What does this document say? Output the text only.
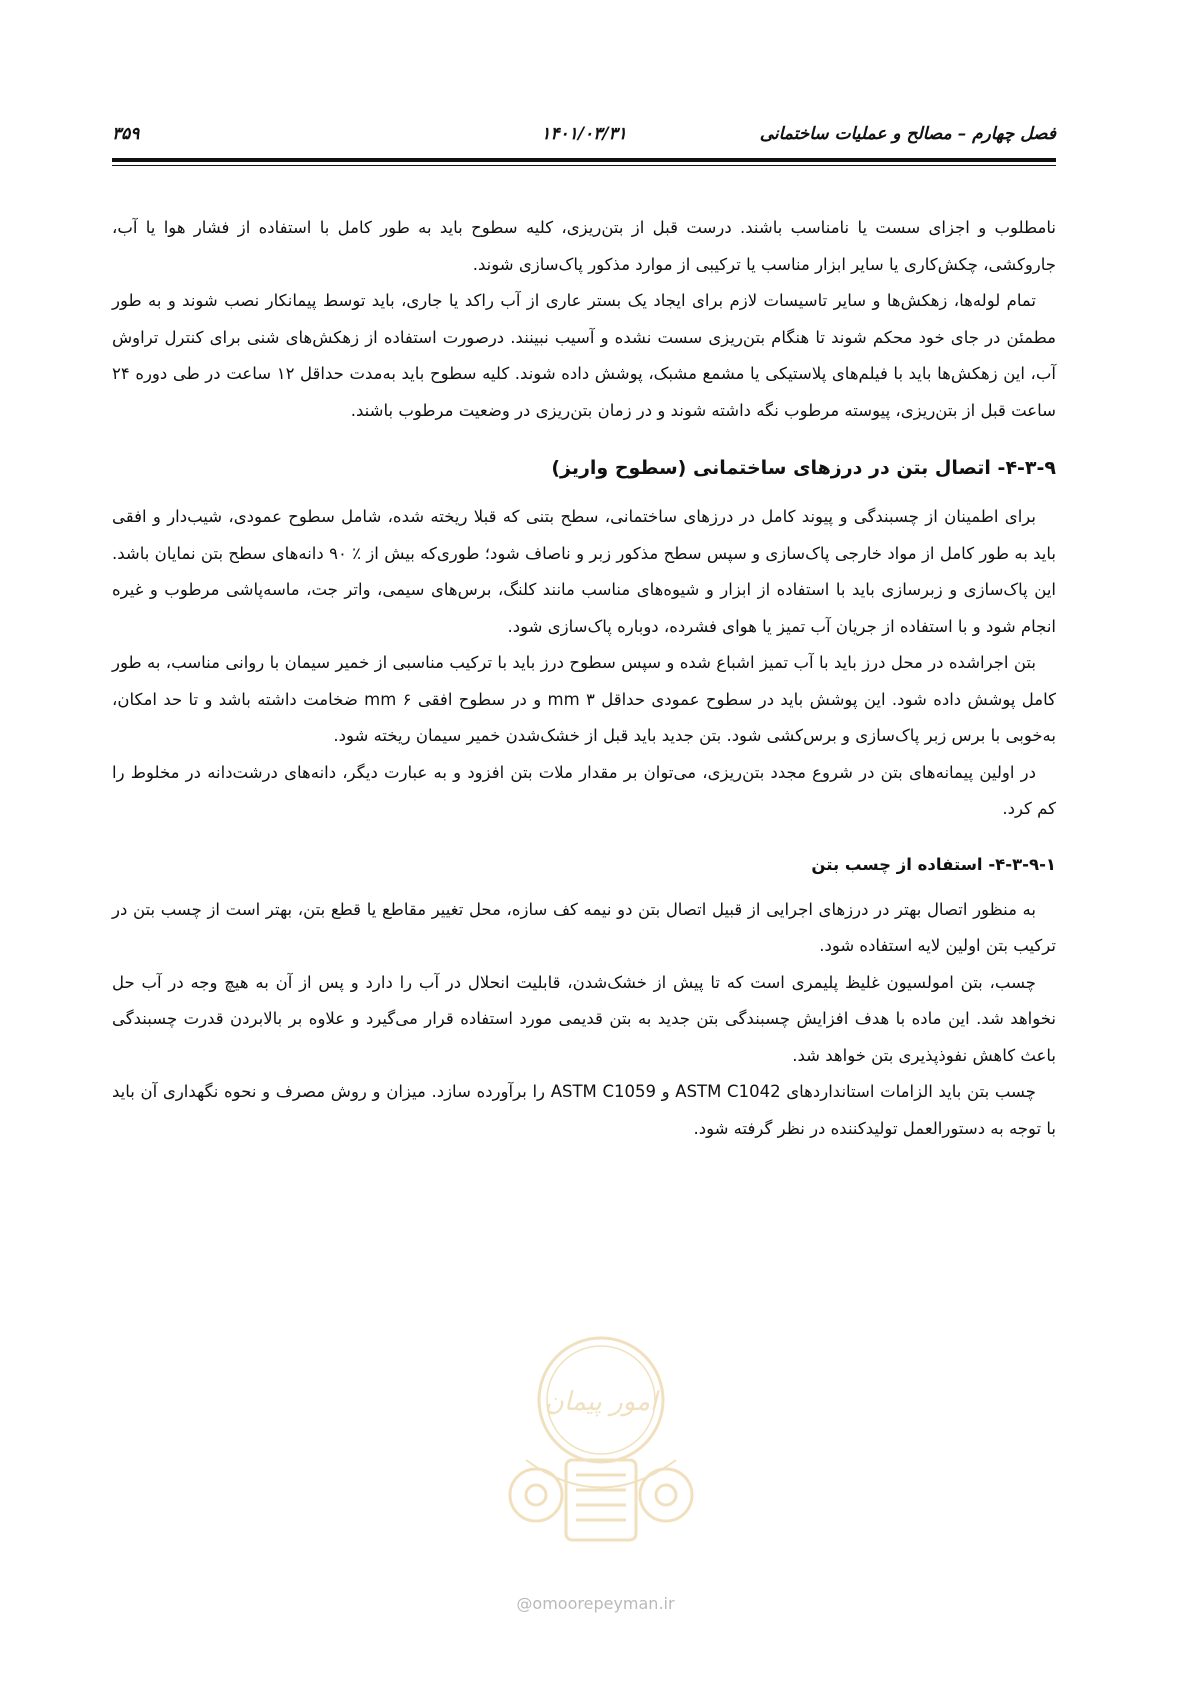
فصل چهارم – مصالح و عملیات ساختمانی
۱۴۰۱/۰۳/۳۱
۳۵۹

نامطلوب و اجزای سست یا نامناسب باشند. درست قبل از بتن‌ریزی، کلیه سطوح باید به طور کامل با استفاده از فشار هوا یا آب، جاروکشی، چکش‌کاری یا سایر ابزار مناسب یا ترکیبی از موارد مذکور پاک‌سازی شوند.

تمام لوله‌ها، زهکش‌ها و سایر تاسیسات لازم برای ایجاد یک بستر عاری از آب راکد یا جاری، باید توسط پیمانکار نصب شوند و به طور مطمئن در جای خود محکم شوند تا هنگام بتن‌ریزی سست نشده و آسیب نبینند. درصورت استفاده از زهکش‌های شنی برای کنترل تراوش آب، این زهکش‌ها باید با فیلم‌های پلاستیکی یا مشمع مشبک، پوشش داده شوند. کلیه سطوح باید به‌مدت حداقل ۱۲ ساعت در طی دوره ۲۴ ساعت قبل از بتن‌ریزی، پیوسته مرطوب نگه داشته شوند و در زمان بتن‌ریزی در وضعیت مرطوب باشند.

۴-۳-۹- اتصال بتن در درزهای ساختمانی (سطوح واریز)

برای اطمینان از چسبندگی و پیوند کامل در درزهای ساختمانی، سطح بتنی که قبلا ریخته شده، شامل سطوح عمودی، شیب‌دار و افقی باید به طور کامل از مواد خارجی پاک‌سازی و سپس سطح مذکور زبر و ناصاف شود؛ طوری‌که بیش از ٪ ۹۰ دانه‌های سطح بتن نمایان باشد. این پاک‌سازی و زبرسازی باید با استفاده از ابزار و شیوه‌های مناسب مانند کلنگ، برس‌های سیمی، واتر جت، ماسه‌پاشی مرطوب و غیره انجام شود و با استفاده از جریان آب تمیز یا هوای فشرده، دوباره پاک‌سازی شود.

بتن اجراشده در محل درز باید با آب تمیز اشباع شده و سپس سطوح درز باید با ترکیب مناسبی از خمیر سیمان با روانی مناسب، به طور کامل پوشش داده شود. این پوشش باید در سطوح عمودی حداقل ۳ mm و در سطوح افقی mm ۶ ضخامت داشته باشد و تا حد امکان، به‌خوبی با برس زبر پاک‌سازی و برس‌کشی شود. بتن جدید باید قبل از خشک‌شدن خمیر سیمان ریخته شود.

در اولین پیمانه‌های بتن در شروع مجدد بتن‌ریزی، می‌توان بر مقدار ملات بتن افزود و به عبارت دیگر، دانه‌های درشت‌دانه در مخلوط را کم کرد.

۴-۳-۹-۱- استفاده از چسب بتن

به منظور اتصال بهتر در درزهای اجرایی از قبیل اتصال بتن دو نیمه کف سازه، محل تغییر مقاطع یا قطع بتن، بهتر است از چسب بتن در ترکیب بتن اولین لایه استفاده شود.

چسب، بتن امولسیون غلیظ پلیمری است که تا پیش از خشک‌شدن، قابلیت انحلال در آب را دارد و پس از آن به هیچ وجه در آب حل نخواهد شد. این ماده با هدف افزایش چسبندگی بتن جدید به بتن قدیمی مورد استفاده قرار می‌گیرد و علاوه بر بالابردن قدرت چسبندگی باعث کاهش نفوذپذیری بتن خواهد شد.

چسب بتن باید الزامات استانداردهای ASTM C1042 و ASTM C1059 را برآورده سازد. میزان و روش مصرف و نحوه نگهداری آن باید با توجه به دستورالعمل تولیدکننده در نظر گرفته شود.

امور پیمان
@omoorepeyman.ir
